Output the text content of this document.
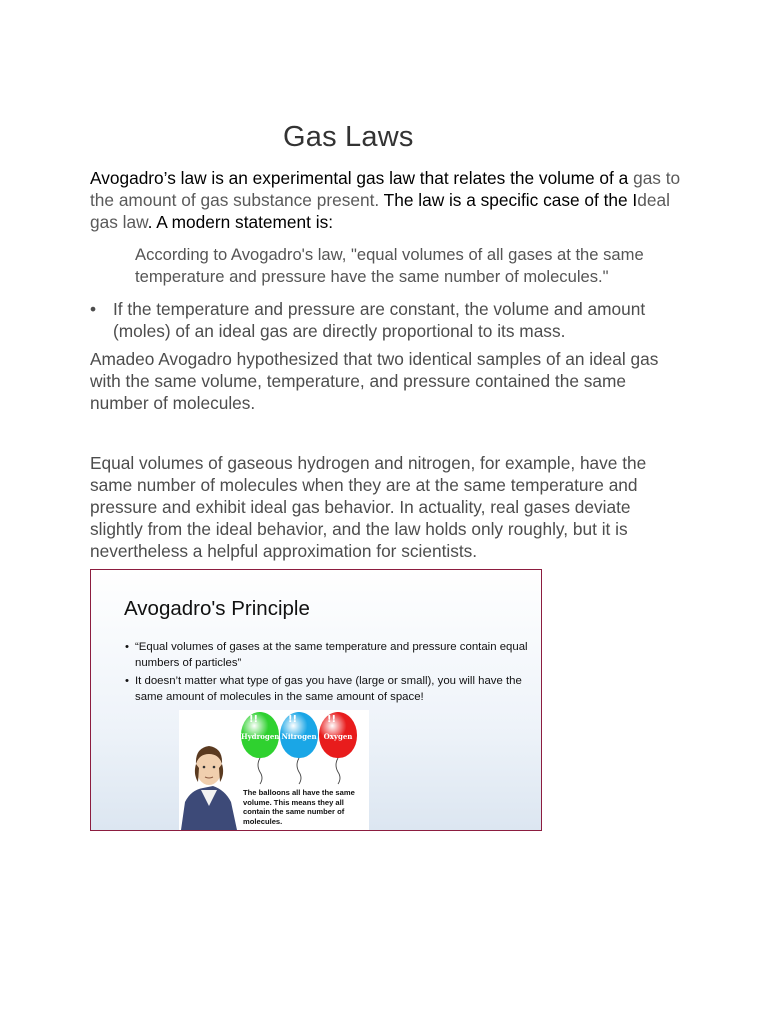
Gas Laws
Avogadro’s law is an experimental gas law that relates the volume of a gas to the amount of gas substance present. The law is a specific case of the Ideal gas law. A modern statement is:
According to Avogadro's law, "equal volumes of all gases at the same temperature and pressure have the same number of molecules."
• If the temperature and pressure are constant, the volume and amount (moles) of an ideal gas are directly proportional to its mass.
Amadeo Avogadro hypothesized that two identical samples of an ideal gas with the same volume, temperature, and pressure contained the same number of molecules.
Equal volumes of gaseous hydrogen and nitrogen, for example, have the same number of molecules when they are at the same temperature and pressure and exhibit ideal gas behavior. In actuality, real gases deviate slightly from the ideal behavior, and the law holds only roughly, but it is nevertheless a helpful approximation for scientists.
Avogadro's Principle
• “Equal volumes of gases at the same temperature and pressure contain equal numbers of particles”
• It doesn’t matter what type of gas you have (large or small), you will have the same amount of molecules in the same amount of space!
!!
Hydrogen
!!
Nitrogen
!!
Oxygen
The balloons all have the same volume. This means they all contain the same number of molecules.
